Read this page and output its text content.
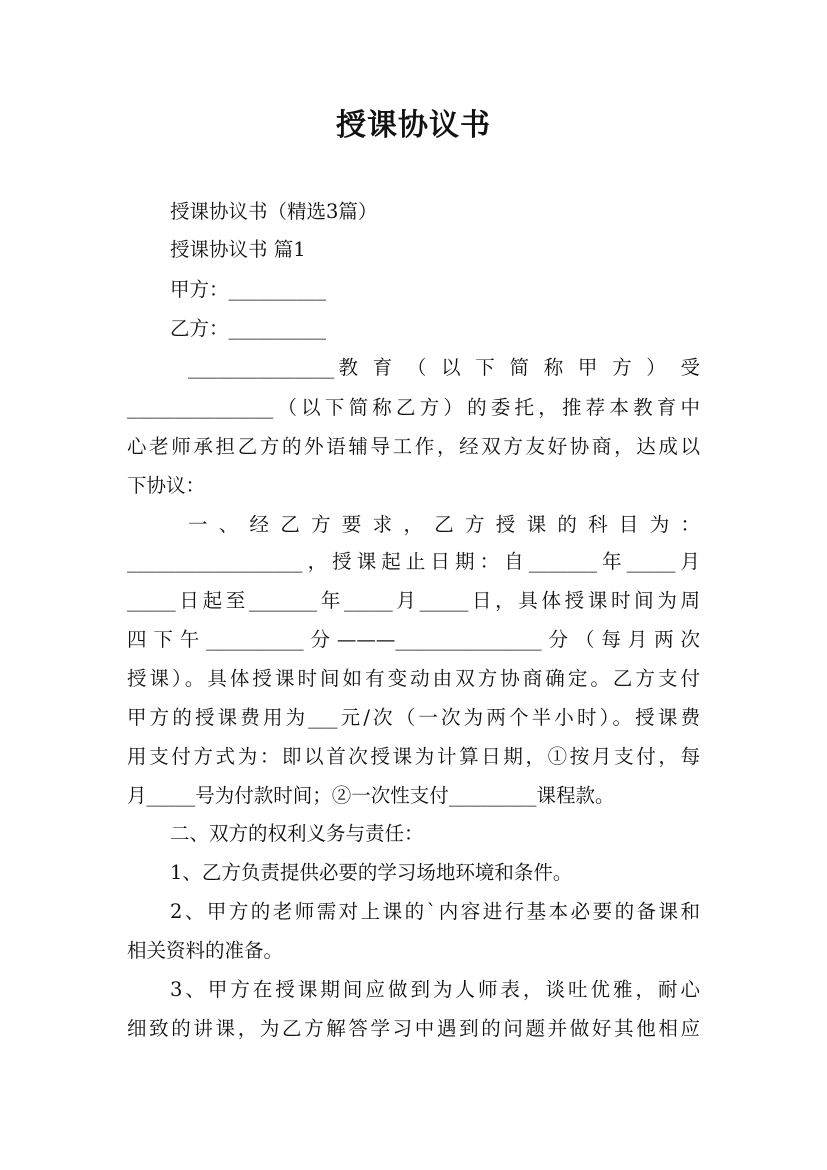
授课协议书
授课协议书（精选3篇）
授课协议书 篇1
甲方：__________
乙方：__________
_______________教 育 （ 以 下 简 称 甲 方 ） 受
_______________（以下简称乙方）的委托，推荐本教育中
心老师承担乙方的外语辅导工作，经双方友好协商，达成以
下协议：
一 、 经 乙 方 要 求 ， 乙 方 授 课 的 科 目 为 ：
__________________，授课起止日期：自_______年_____月
_____日起至_______年_____月_____日，具体授课时间为周
四下午__________分———_______________分（每月两次
授课）。具体授课时间如有变动由双方协商确定。乙方支付
甲方的授课费用为___元/次（一次为两个半小时）。授课费
用支付方式为：即以首次授课为计算日期，①按月支付，每
月_____号为付款时间；②一次性支付_________课程款。
二、双方的权利义务与责任：
1、乙方负责提供必要的学习场地环境和条件。
2、甲方的老师需对上课的`内容进行基本必要的备课和
相关资料的准备。
3、甲方在授课期间应做到为人师表，谈吐优雅，耐心
细致的讲课，为乙方解答学习中遇到的问题并做好其他相应
